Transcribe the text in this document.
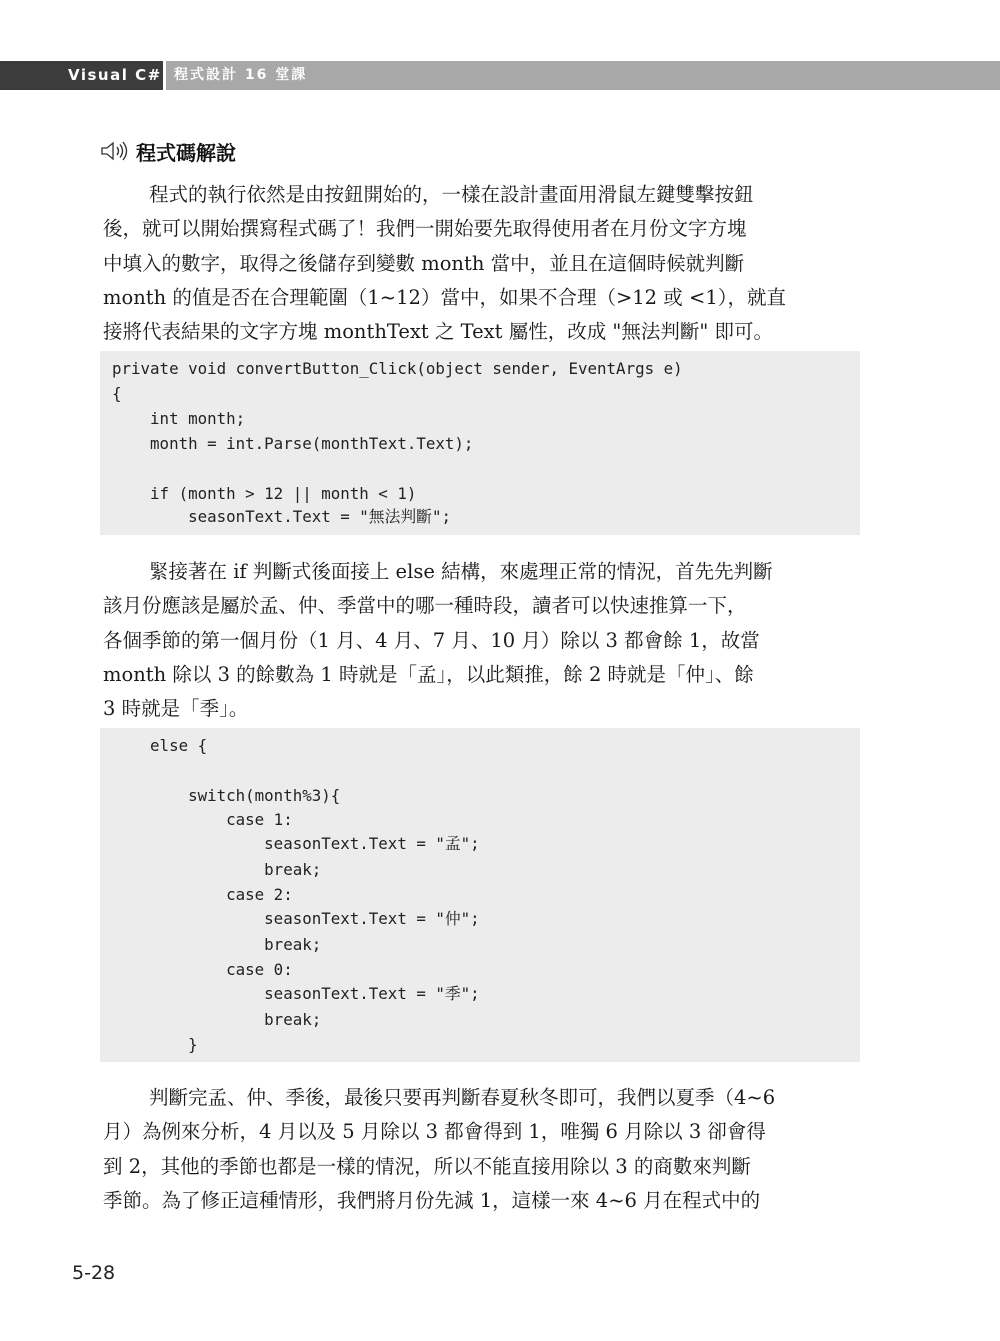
Visual C# 程式設計 16 堂課
程式碼解說
程式的執行依然是由按鈕開始的，一樣在設計畫面用滑鼠左鍵雙擊按鈕
後，就可以開始撰寫程式碼了！我們一開始要先取得使用者在月份文字方塊
中填入的數字，取得之後儲存到變數 month 當中，並且在這個時候就判斷
month 的值是否在合理範圍（1~12）當中，如果不合理（>12 或 <1），就直
接將代表結果的文字方塊 monthText 之 Text 屬性，改成 "無法判斷" 即可。
private void convertButton_Click(object sender, EventArgs e)
{
int month;
month = int.Parse(monthText.Text);
if (month > 12 || month < 1)
seasonText.Text = "無法判斷";
緊接著在 if 判斷式後面接上 else 結構，來處理正常的情況，首先先判斷
該月份應該是屬於孟、仲、季當中的哪一種時段，讀者可以快速推算一下，
各個季節的第一個月份（1 月、4 月、7 月、10 月）除以 3 都會餘 1，故當
month 除以 3 的餘數為 1 時就是「孟」，以此類推，餘 2 時就是「仲」、餘
3 時就是「季」。
else {
switch(month%3){
case 1:
seasonText.Text = "孟";
break;
case 2:
seasonText.Text = "仲";
break;
case 0:
seasonText.Text = "季";
break;
}
判斷完孟、仲、季後，最後只要再判斷春夏秋冬即可，我們以夏季（4~6
月）為例來分析，4 月以及 5 月除以 3 都會得到 1，唯獨 6 月除以 3 卻會得
到 2，其他的季節也都是一樣的情況，所以不能直接用除以 3 的商數來判斷
季節。為了修正這種情形，我們將月份先減 1，這樣一來 4~6 月在程式中的
5-28
